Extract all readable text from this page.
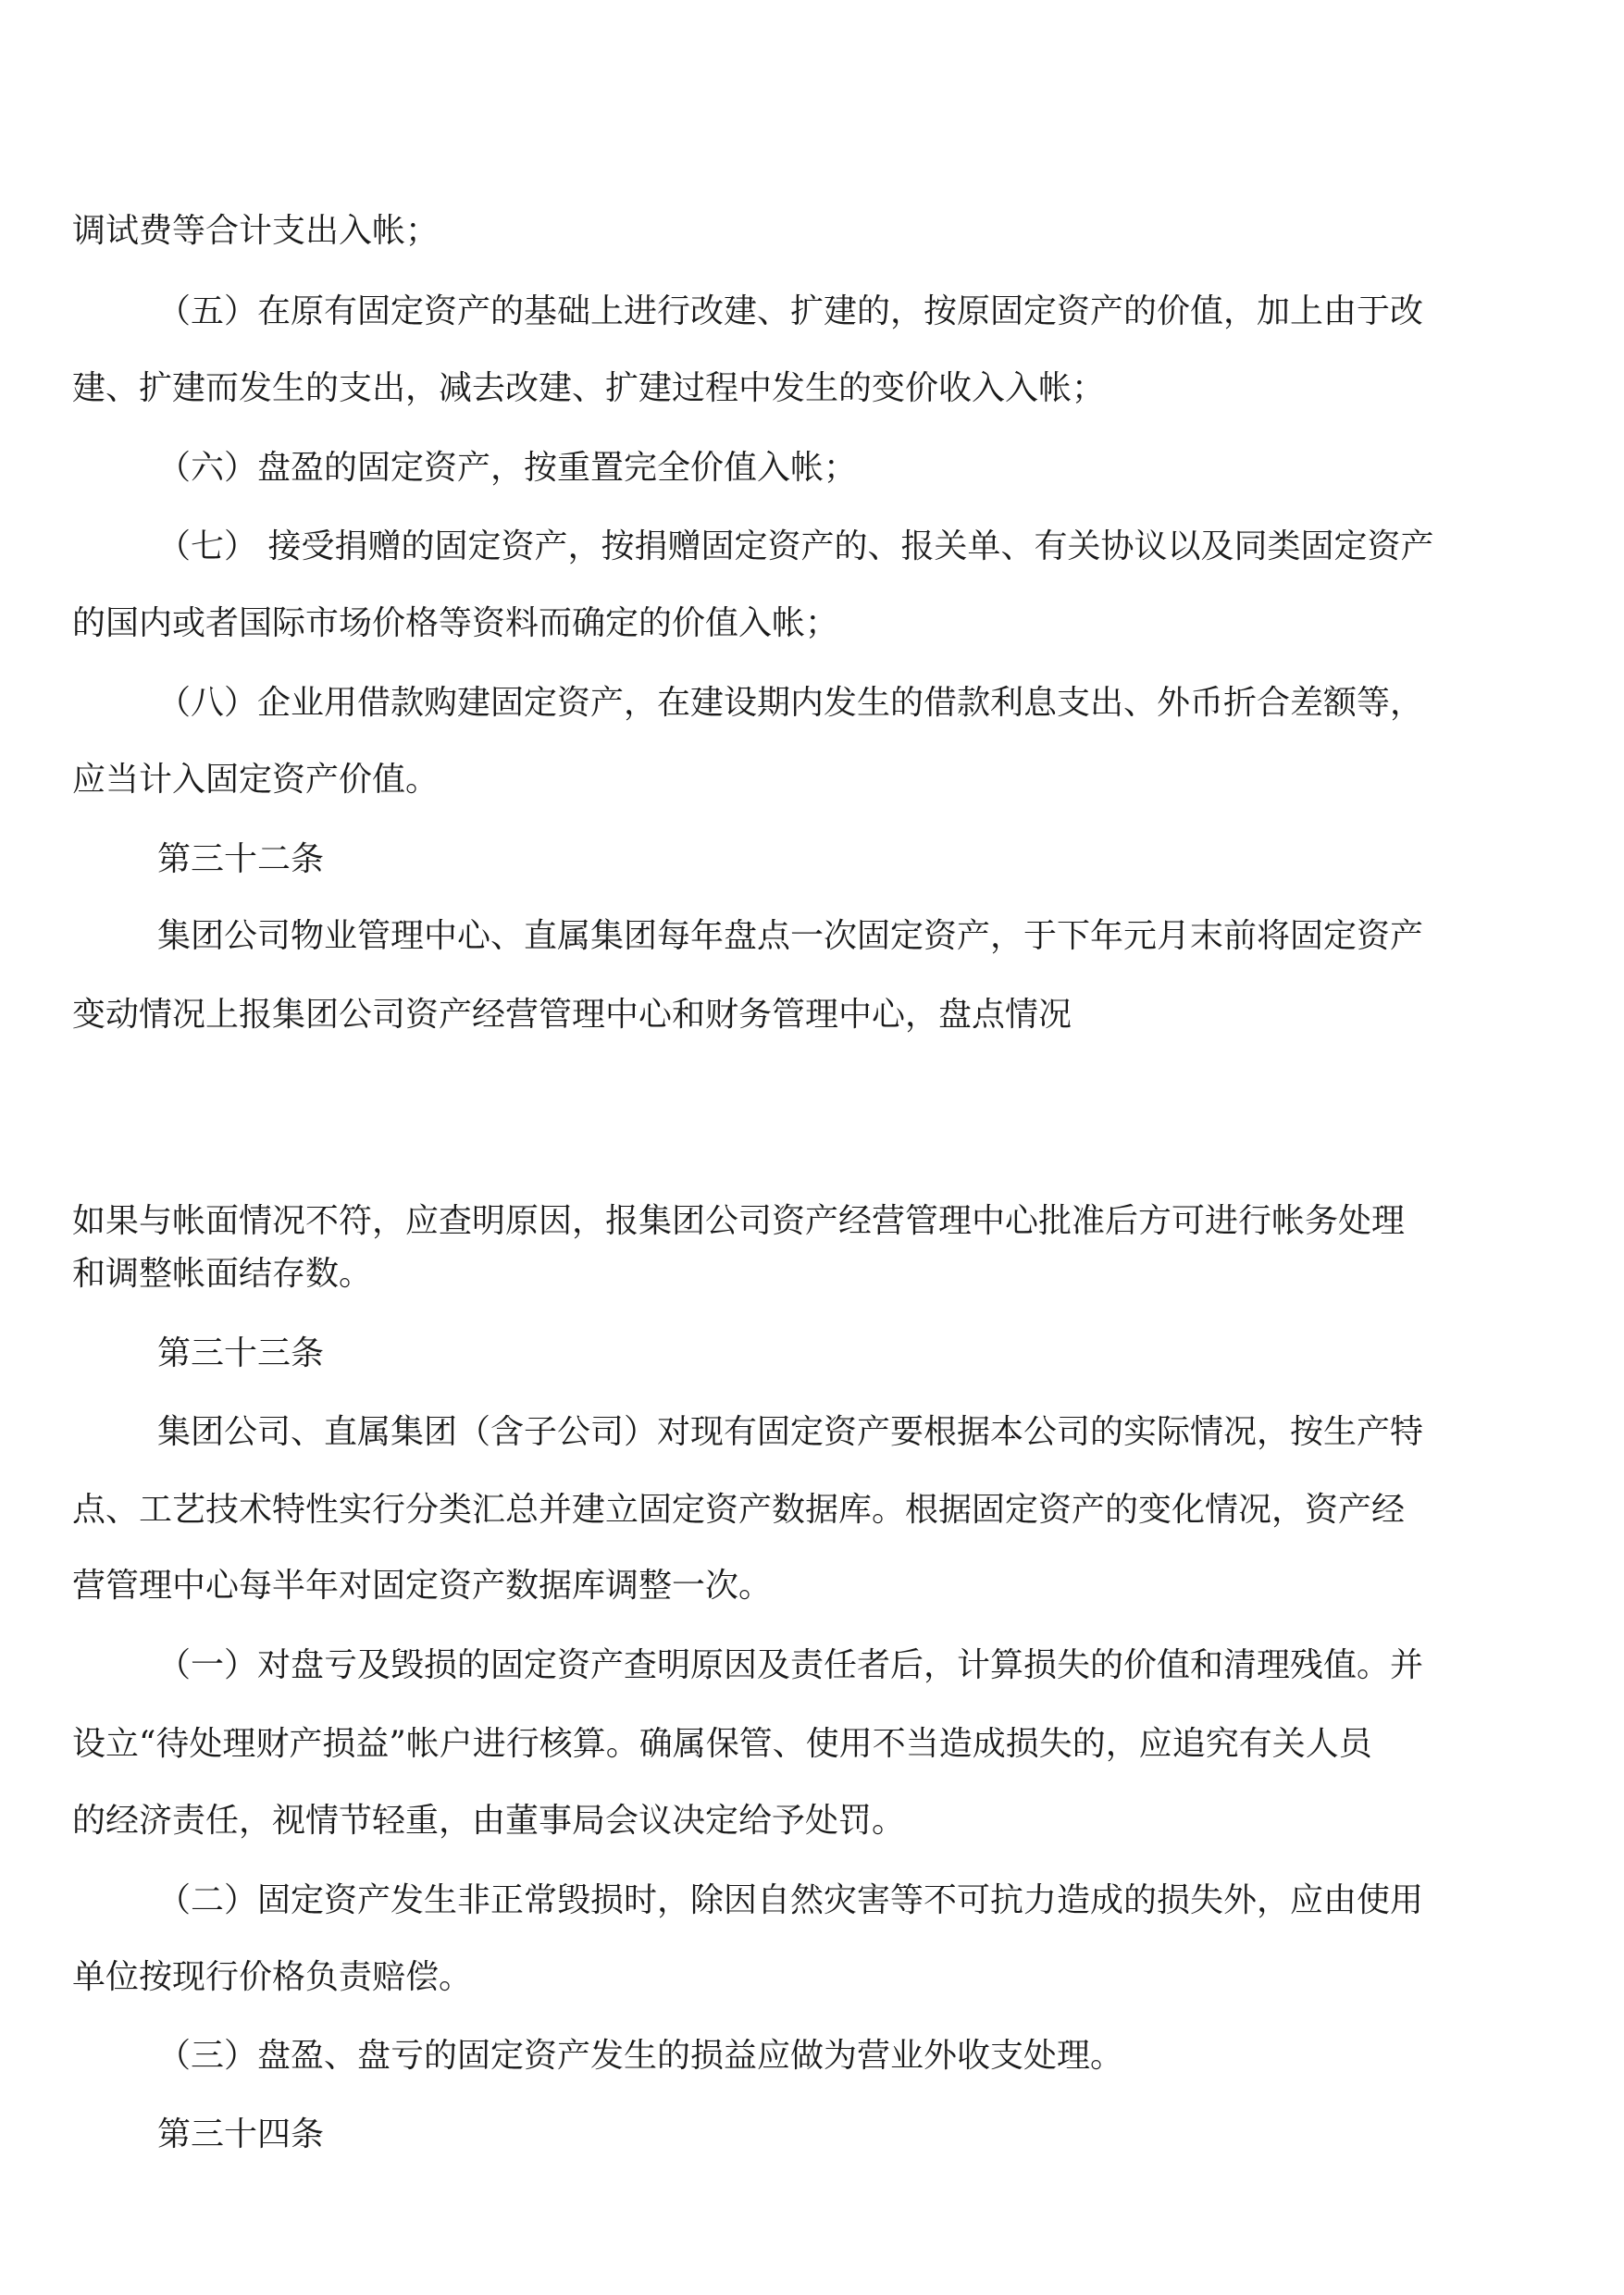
调试费等合计支出入帐；

（五）在原有固定资产的基础上进行改建、扩建的，按原固定资产的价值，加上由于改

建、扩建而发生的支出，减去改建、扩建过程中发生的变价收入入帐；

（六）盘盈的固定资产，按重置完全价值入帐；

（七） 接受捐赠的固定资产，按捐赠固定资产的、报关单、有关协议以及同类固定资产

的国内或者国际市场价格等资料而确定的价值入帐；

（八）企业用借款购建固定资产，在建设期内发生的借款利息支出、外币折合差额等，

应当计入固定资产价值。

第三十二条

集团公司物业管理中心、直属集团每年盘点一次固定资产，于下年元月末前将固定资产

变动情况上报集团公司资产经营管理中心和财务管理中心，盘点情况

如果与帐面情况不符，应查明原因，报集团公司资产经营管理中心批准后方可进行帐务处理

和调整帐面结存数。

第三十三条

集团公司、直属集团（含子公司）对现有固定资产要根据本公司的实际情况，按生产特

点、工艺技术特性实行分类汇总并建立固定资产数据库。根据固定资产的变化情况，资产经

营管理中心每半年对固定资产数据库调整一次。

（一）对盘亏及毁损的固定资产查明原因及责任者后，计算损失的价值和清理残值。并

设立“待处理财产损益”帐户进行核算。确属保管、使用不当造成损失的，应追究有关人员

的经济责任，视情节轻重，由董事局会议决定给予处罚。

（二）固定资产发生非正常毁损时，除因自然灾害等不可抗力造成的损失外，应由使用

单位按现行价格负责赔偿。

（三）盘盈、盘亏的固定资产发生的损益应做为营业外收支处理。

第三十四条
